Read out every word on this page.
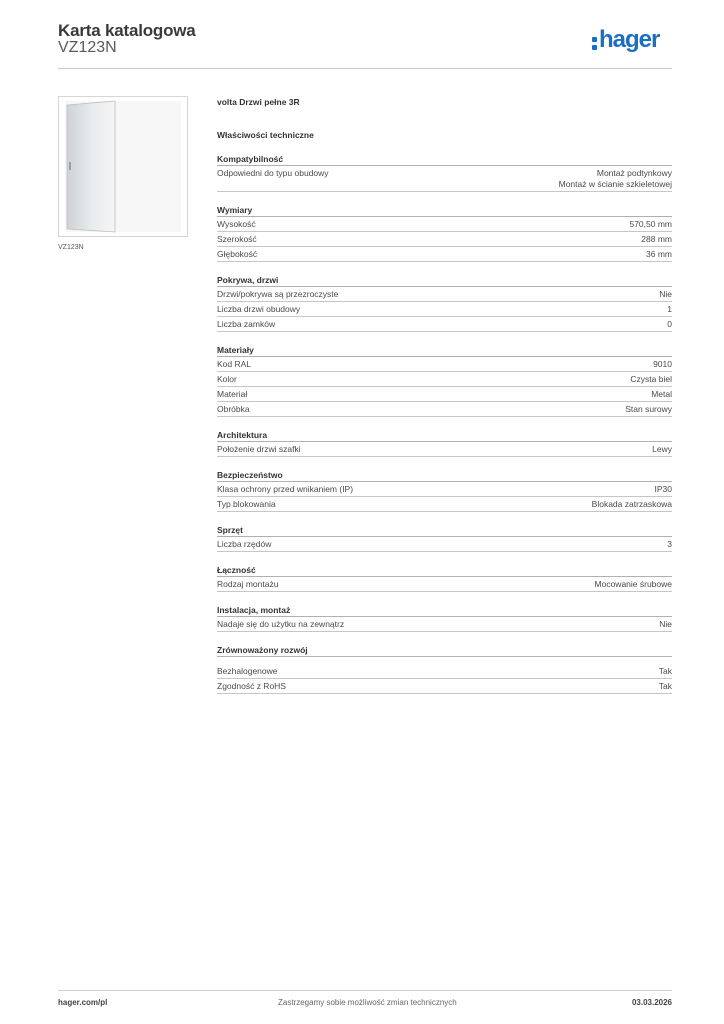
Karta katalogowa
VZ123N	hager
VZ123N
volta Drzwi pełne 3R
Właściwości techniczne
Kompatybilność
Odpowiedni do typu obudowy	Montaż podtynkowy
Montaż w ścianie szkieletowej
Wymiary
Wysokość	570,50 mm
Szerokość	288 mm
Głębokość	36 mm
Pokrywa, drzwi
Drzwi/pokrywa są przezroczyste	Nie
Liczba drzwi obudowy	1
Liczba zamków	0
Materiały
Kod RAL	9010
Kolor	Czysta biel
Materiał	Metal
Obróbka	Stan surowy
Architektura
Położenie drzwi szafki	Lewy
Bezpieczeństwo
Klasa ochrony przed wnikaniem (IP)	IP30
Typ blokowania	Blokada zatrzaskowa
Sprzęt
Liczba rzędów	3
Łączność
Rodzaj montażu	Mocowanie śrubowe
Instalacja, montaż
Nadaje się do użytku na zewnątrz	Nie
Zrównoważony rozwój
Bezhalogenowe	Tak
Zgodność z RoHS	Tak
hager.com/pl	Zastrzegamy sobie możliwość zmian technicznych	03.03.2026
